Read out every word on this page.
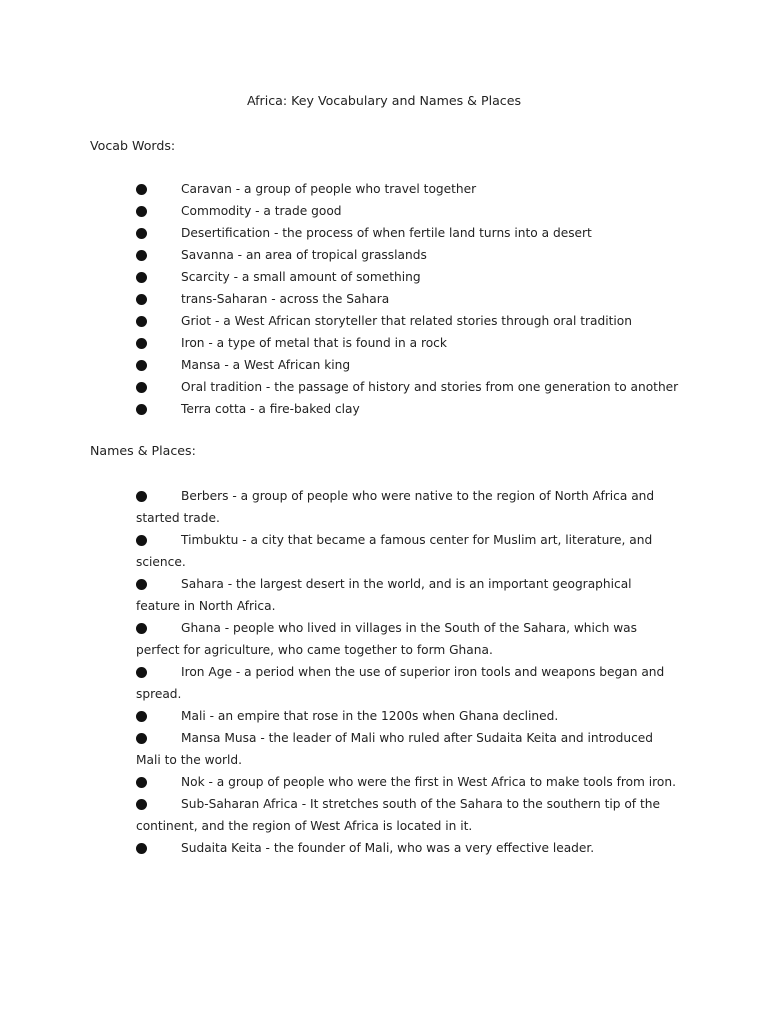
Africa: Key Vocabulary and Names & Places
Vocab Words:
Caravan - a group of people who travel together
Commodity - a trade good
Desertification - the process of when fertile land turns into a desert
Savanna - an area of tropical grasslands
Scarcity - a small amount of something
trans-Saharan - across the Sahara
Griot - a West African storyteller that related stories through oral tradition
Iron - a type of metal that is found in a rock
Mansa - a West African king
Oral tradition - the passage of history and stories from one generation to another
Terra cotta - a fire-baked clay
Names & Places:
Berbers - a group of people who were native to the region of North Africa and started trade.
Timbuktu - a city that became a famous center for Muslim art, literature, and science.
Sahara - the largest desert in the world, and is an important geographical feature in North Africa.
Ghana - people who lived in villages in the South of the Sahara, which was perfect for agriculture, who came together to form Ghana.
Iron Age - a period when the use of superior iron tools and weapons began and spread.
Mali - an empire that rose in the 1200s when Ghana declined.
Mansa Musa - the leader of Mali who ruled after Sudaita Keita and introduced Mali to the world.
Nok - a group of people who were the first in West Africa to make tools from iron.
Sub-Saharan Africa - It stretches south of the Sahara to the southern tip of the continent, and the region of West Africa is located in it.
Sudaita Keita - the founder of Mali, who was a very effective leader.
